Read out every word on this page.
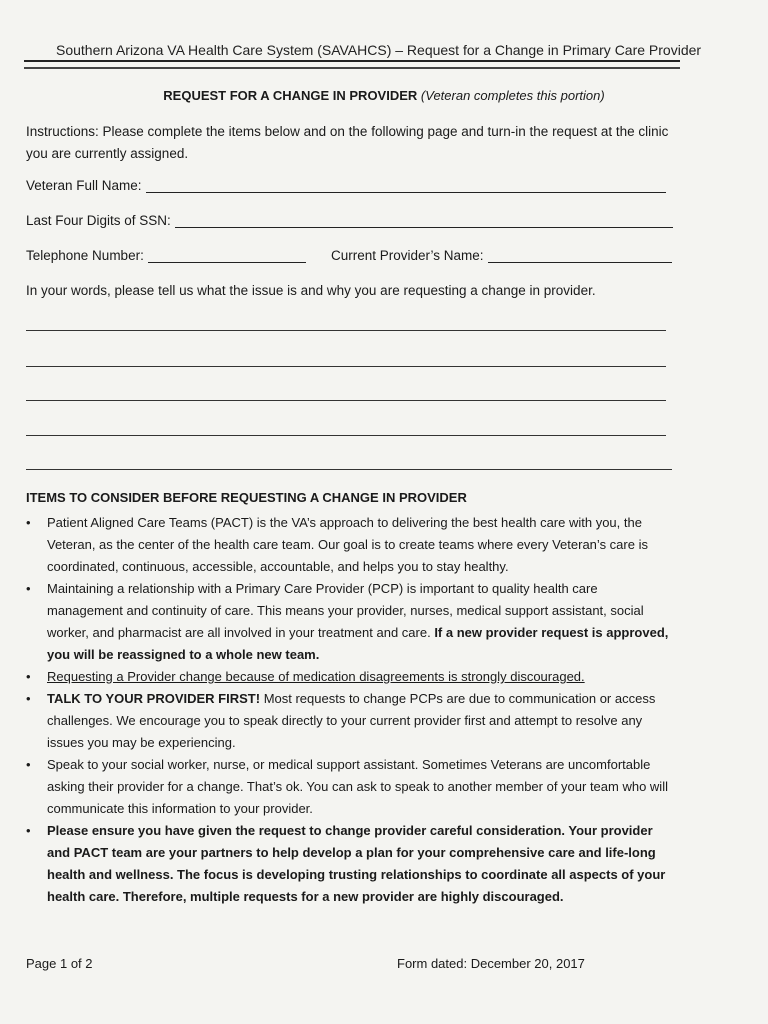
Southern Arizona VA Health Care System (SAVAHCS) – Request for a Change in Primary Care Provider
REQUEST FOR A CHANGE IN PROVIDER (Veteran completes this portion)
Instructions: Please complete the items below and on the following page and turn-in the request at the clinic you are currently assigned.
Veteran Full Name:
Last Four Digits of SSN:
Telephone Number:	Current Provider’s Name:
In your words, please tell us what the issue is and why you are requesting a change in provider.
ITEMS TO CONSIDER BEFORE REQUESTING A CHANGE IN PROVIDER
• Patient Aligned Care Teams (PACT) is the VA’s approach to delivering the best health care with you, the Veteran, as the center of the health care team. Our goal is to create teams where every Veteran’s care is coordinated, continuous, accessible, accountable, and helps you to stay healthy.
• Maintaining a relationship with a Primary Care Provider (PCP) is important to quality health care management and continuity of care. This means your provider, nurses, medical support assistant, social worker, and pharmacist are all involved in your treatment and care. If a new provider request is approved, you will be reassigned to a whole new team.
• Requesting a Provider change because of medication disagreements is strongly discouraged.
• TALK TO YOUR PROVIDER FIRST! Most requests to change PCPs are due to communication or access challenges. We encourage you to speak directly to your current provider first and attempt to resolve any issues you may be experiencing.
• Speak to your social worker, nurse, or medical support assistant. Sometimes Veterans are uncomfortable asking their provider for a change. That’s ok. You can ask to speak to another member of your team who will communicate this information to your provider.
• Please ensure you have given the request to change provider careful consideration. Your provider and PACT team are your partners to help develop a plan for your comprehensive care and life-long health and wellness. The focus is developing trusting relationships to coordinate all aspects of your health care. Therefore, multiple requests for a new provider are highly discouraged.
Page 1 of 2	Form dated: December 20, 2017
